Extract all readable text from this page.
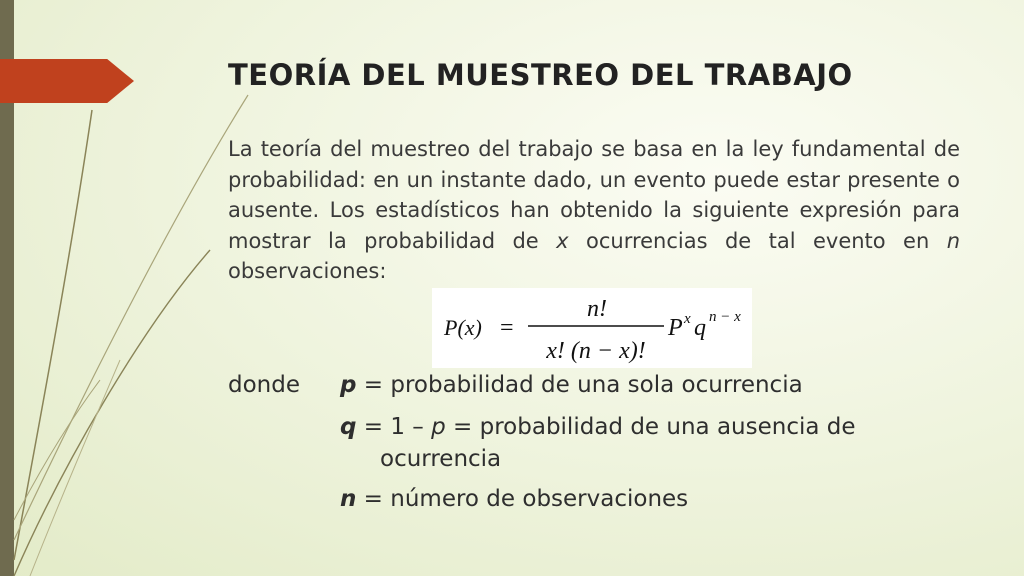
TEORÍA DEL MUESTREO DEL TRABAJO

La teoría del muestreo del trabajo se basa en la ley fundamental de probabilidad: en un instante dado, un evento puede estar presente o ausente. Los estadísticos han obtenido la siguiente expresión para mostrar la probabilidad de x ocurrencias de tal evento en n
observaciones:

P(x) =
n!
x! (n − x)!
P x q n − x
donde p = probabilidad de una sola ocurrencia
q = 1 – p = probabilidad de una ausencia de
ocurrencia
n = número de observaciones
